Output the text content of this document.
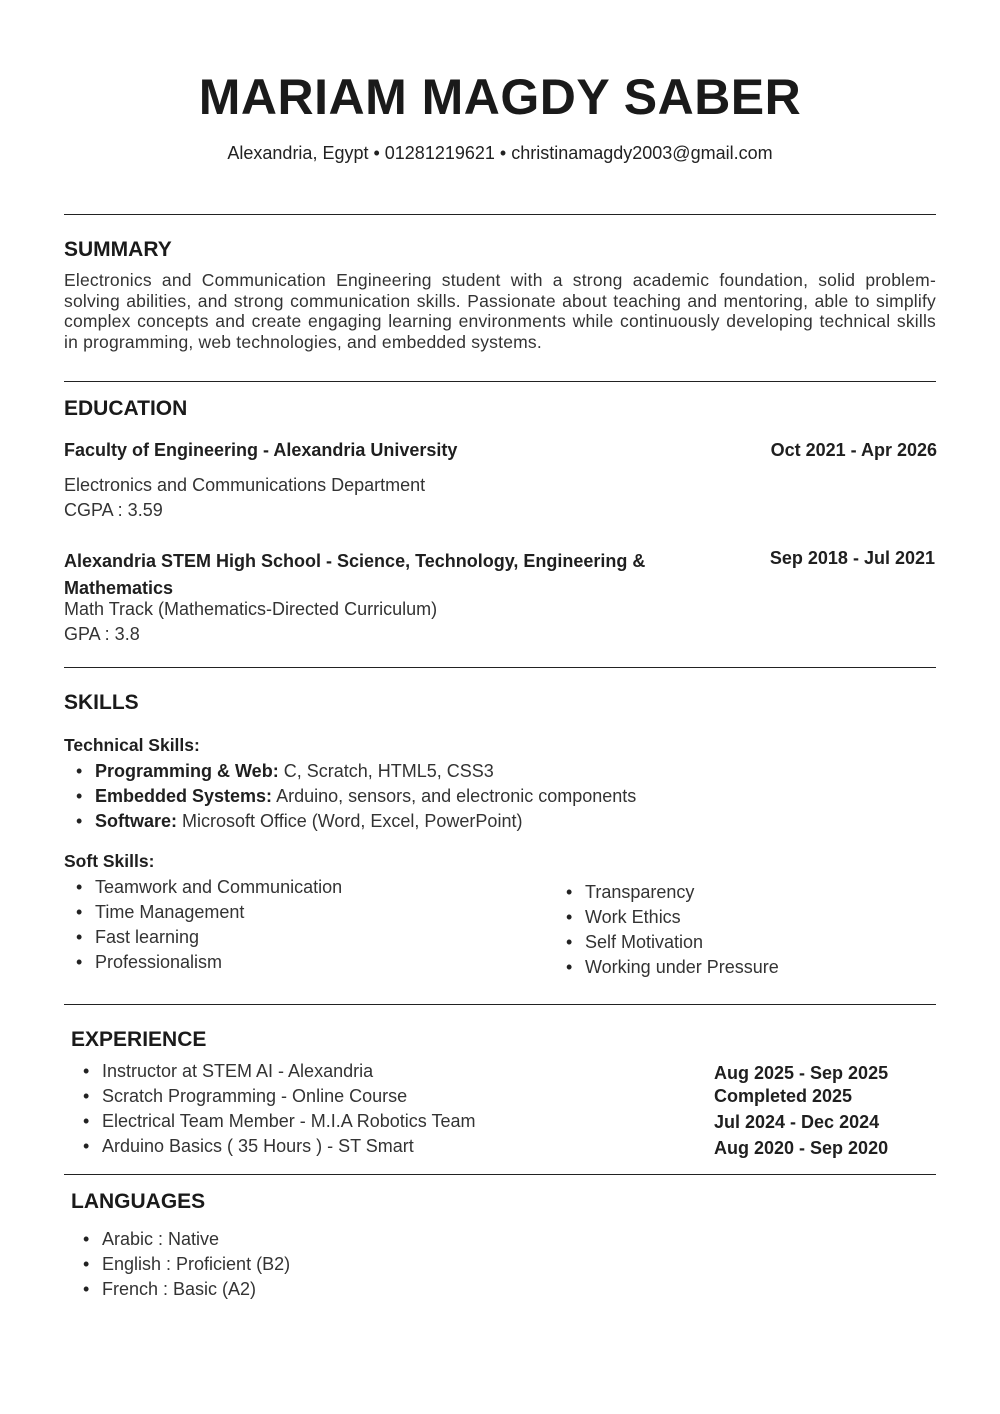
MARIAM MAGDY SABER
Alexandria, Egypt • 01281219621 • christinamagdy2003@gmail.com
SUMMARY
Electronics and Communication Engineering student with a strong academic foundation, solid problem-solving abilities, and strong communication skills. Passionate about teaching and mentoring, able to simplify complex concepts and create engaging learning environments while continuously developing technical skills in programming, web technologies, and embedded systems.
EDUCATION
Faculty of Engineering - Alexandria University	Oct 2021 - Apr 2026
Electronics and Communications Department
CGPA : 3.59
Alexandria STEM High School - Science, Technology, Engineering & Mathematics
Sep 2018 - Jul 2021
Math Track (Mathematics-Directed Curriculum)
GPA : 3.8
SKILLS
Technical Skills:
• Programming & Web: C, Scratch, HTML5, CSS3
• Embedded Systems: Arduino, sensors, and electronic components
• Software: Microsoft Office (Word, Excel, PowerPoint)
Soft Skills:
• Teamwork and Communication
• Time Management
• Fast learning
• Professionalism
• Transparency
• Work Ethics
• Self Motivation
• Working under Pressure
EXPERIENCE
• Instructor at STEM AI - Alexandria
• Scratch Programming - Online Course
• Electrical Team Member - M.I.A Robotics Team
• Arduino Basics ( 35 Hours ) - ST Smart
Aug 2025 - Sep 2025
Completed 2025
Jul 2024 - Dec 2024
Aug 2020 - Sep 2020
LANGUAGES
• Arabic : Native
• English : Proficient (B2)
• French : Basic (A2)
